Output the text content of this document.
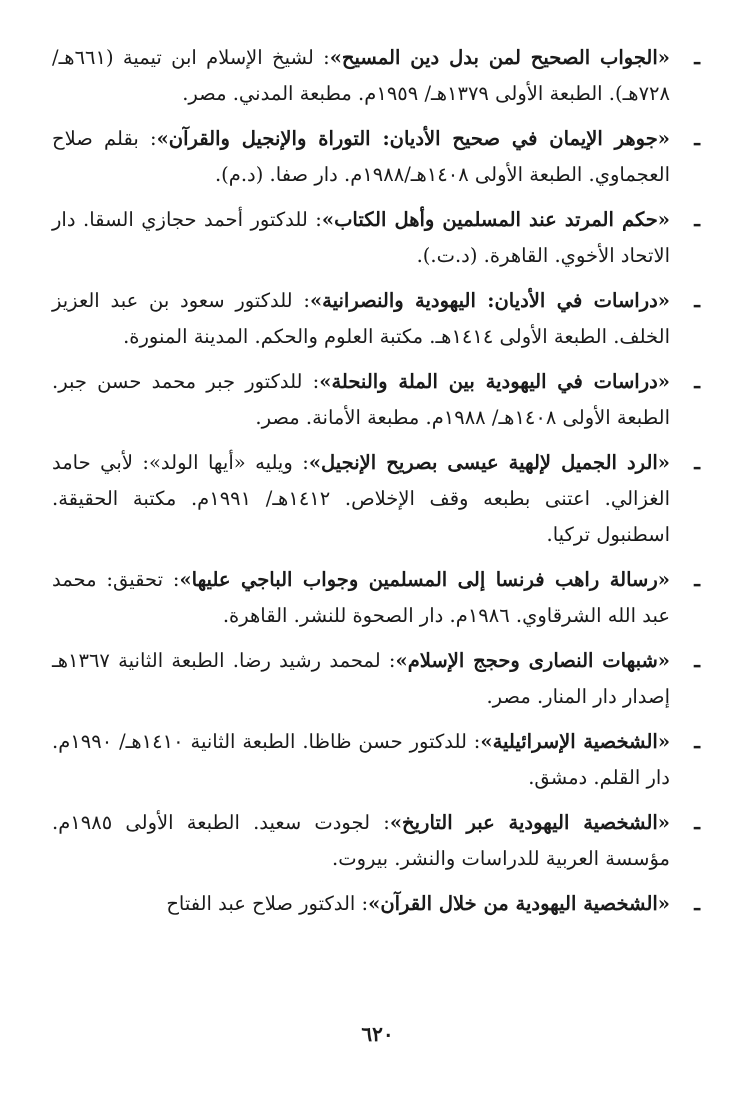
ـ
«الجواب الصحيح لمن بدل دين المسيح»: لشيخ الإسلام ابن تيمية (٦٦١هـ/ ٧٢٨هـ). الطبعة الأولى ١٣٧٩هـ/ ١٩٥٩م. مطبعة المدني. مصر.
ـ
«جوهر الإيمان في صحيح الأديان: التوراة والإنجيل والقرآن»: بقلم صلاح العجماوي. الطبعة الأولى ١٤٠٨هـ/١٩٨٨م. دار صفا. (د.م).
ـ
«حكم المرتد عند المسلمين وأهل الكتاب»: للدكتور أحمد حجازي السقا. دار الاتحاد الأخوي. القاهرة. (د.ت.).
ـ
«دراسات في الأديان: اليهودية والنصرانية»: للدكتور سعود بن عبد العزيز الخلف. الطبعة الأولى ١٤١٤هـ. مكتبة العلوم والحكم. المدينة المنورة.
ـ
«دراسات في اليهودية بين الملة والنحلة»: للدكتور جبر محمد حسن جبر. الطبعة الأولى ١٤٠٨هـ/ ١٩٨٨م. مطبعة الأمانة. مصر.
ـ
«الرد الجميل لإلهية عيسى بصريح الإنجيل»: ويليه «أيها الولد»: لأبي حامد الغزالي. اعتنى بطبعه وقف الإخلاص. ١٤١٢هـ/ ١٩٩١م. مكتبة الحقيقة. اسطنبول تركيا.
ـ
«رسالة راهب فرنسا إلى المسلمين وجواب الباجي عليها»: تحقيق: محمد عبد الله الشرقاوي. ١٩٨٦م. دار الصحوة للنشر. القاهرة.
ـ
«شبهات النصارى وحجج الإسلام»: لمحمد رشيد رضا. الطبعة الثانية ١٣٦٧هـ إصدار دار المنار. مصر.
ـ
«الشخصية الإسرائيلية»: للدكتور حسن ظاظا. الطبعة الثانية ١٤١٠هـ/ ١٩٩٠م. دار القلم. دمشق.
ـ
«الشخصية اليهودية عبر التاريخ»: لجودت سعيد. الطبعة الأولى ١٩٨٥م. مؤسسة العربية للدراسات والنشر. بيروت.
ـ
«الشخصية اليهودية من خلال القرآن»: الدكتور صلاح عبد الفتاح
٦٢٠
